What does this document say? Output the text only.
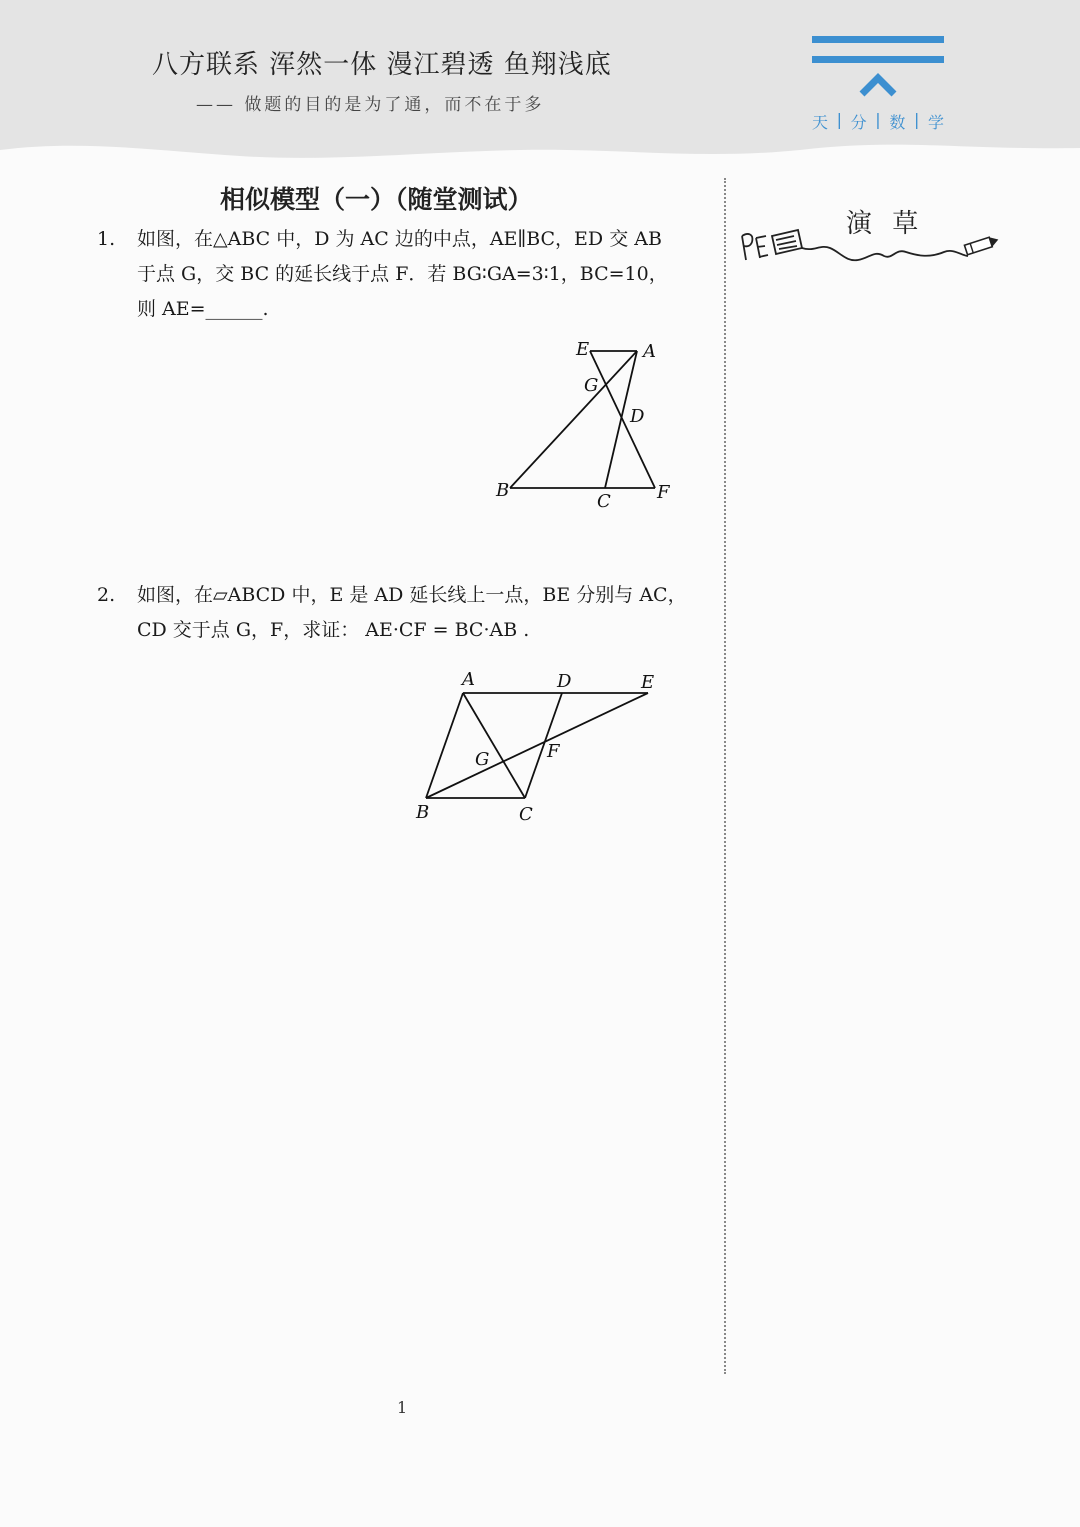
八方联系 浑然一体 漫江碧透 鱼翔浅底
—— 做题的目的是为了通，而不在于多
天 | 分 | 数 | 学
相似模型（一）（随堂测试）
1. 如图，在△ABC 中，D 为 AC 边的中点，AE∥BC，ED 交 AB
于点 G，交 BC 的延长线于点 F．若 BG∶GA=3∶1，BC=10，
则 AE=______.
E	A
G
D
B
C	F
2. 如图，在▱ABCD 中，E 是 AD 延长线上一点，BE 分别与 AC，
CD 交于点 G，F，求证： AE·CF = BC·AB .
A	D	E
G	F
B	C
演 草
1
